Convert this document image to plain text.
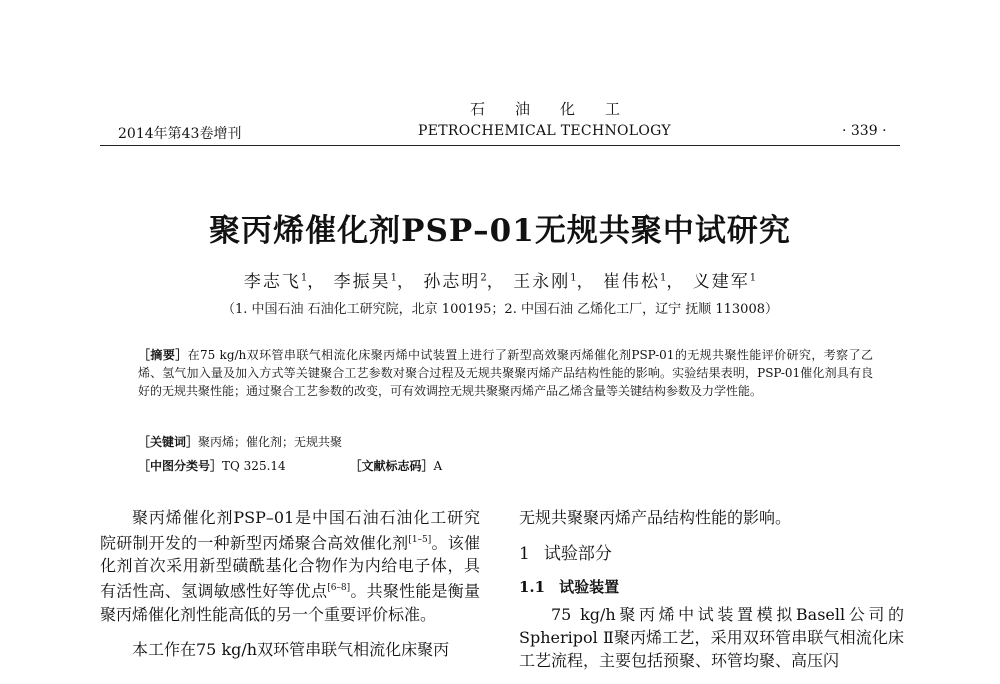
石油化工
2014年第43卷增刊	PETROCHEMICAL TECHNOLOGY	· 339 ·
聚丙烯催化剂PSP–01无规共聚中试研究
李志飞$^1$， 李振昊$^1$， 孙志明$^2$， 王永刚$^1$， 崔伟松$^1$， 义建军$^1$
（1. 中国石油 石油化工研究院，北京 100195；2. 中国石油 乙烯化工厂，辽宁 抚顺 113008）
［摘要］在75 kg/h双环管串联气相流化床聚丙烯中试装置上进行了新型高效聚丙烯催化剂PSP-01的无规共聚性能评价研究，考察了乙烯、氢气加入量及加入方式等关键聚合工艺参数对聚合过程及无规共聚聚丙烯产品结构性能的影响。实验结果表明，PSP-01催化剂具有良好的无规共聚性能；通过聚合工艺参数的改变，可有效调控无规共聚聚丙烯产品乙烯含量等关键结构参数及力学性能。
［关键词］聚丙烯；催化剂；无规共聚
［中图分类号］TQ 325.14	［文献标志码］A

聚丙烯催化剂PSP–01是中国石油石油化工研究院研制开发的一种新型丙烯聚合高效催化剂[1–5]。该催化剂首次采用新型磺酰基化合物作为内给电子体，具有活性高、氢调敏感性好等优点[6–8]。共聚性能是衡量聚丙烯催化剂性能高低的另一个重要评价标准。

本工作在75 kg/h双环管串联气相流化床聚丙

无规共聚聚丙烯产品结构性能的影响。

1 试验部分

1.1 试验装置

75 kg/h聚丙烯中试装置模拟Basell公司的Spheripol Ⅱ聚丙烯工艺，采用双环管串联气相流化床工艺流程，主要包括预聚、环管均聚、高压闪
